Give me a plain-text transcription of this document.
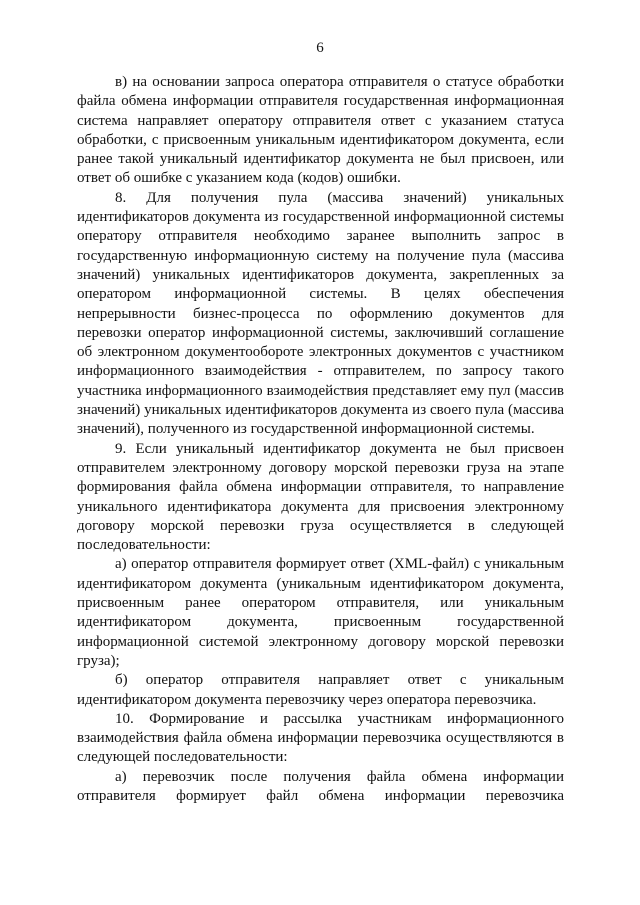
6

в) на основании запроса оператора отправителя о статусе обработки файла обмена информации отправителя государственная информационная система направляет оператору отправителя ответ с указанием статуса обработки, с присвоенным уникальным идентификатором документа, если ранее такой уникальный идентификатор документа не был присвоен, или ответ об ошибке с указанием кода (кодов) ошибки.

8. Для получения пула (массива значений) уникальных идентификаторов документа из государственной информационной системы оператору отправителя необходимо заранее выполнить запрос в государственную информационную систему на получение пула (массива значений) уникальных идентификаторов документа, закрепленных за оператором информационной системы. В целях обеспечения непрерывности бизнес-процесса по оформлению документов для перевозки оператор информационной системы, заключивший соглашение об электронном документообороте электронных документов с участником информационного взаимодействия - отправителем, по запросу такого участника информационного взаимодействия представляет ему пул (массив значений) уникальных идентификаторов документа из своего пула (массива значений), полученного из государственной информационной системы.

9. Если уникальный идентификатор документа не был присвоен отправителем электронному договору морской перевозки груза на этапе формирования файла обмена информации отправителя, то направление уникального идентификатора документа для присвоения электронному договору морской перевозки груза осуществляется в следующей последовательности:

а) оператор отправителя формирует ответ (XML-файл) с уникальным идентификатором документа (уникальным идентификатором документа, присвоенным ранее оператором отправителя, или уникальным идентификатором документа, присвоенным государственной информационной системой электронному договору морской перевозки груза);

б) оператор отправителя направляет ответ с уникальным идентификатором документа перевозчику через оператора перевозчика.

10. Формирование и рассылка участникам информационного взаимодействия файла обмена информации перевозчика осуществляются в следующей последовательности:

а) перевозчик после получения файла обмена информации отправителя формирует файл обмена информации перевозчика
